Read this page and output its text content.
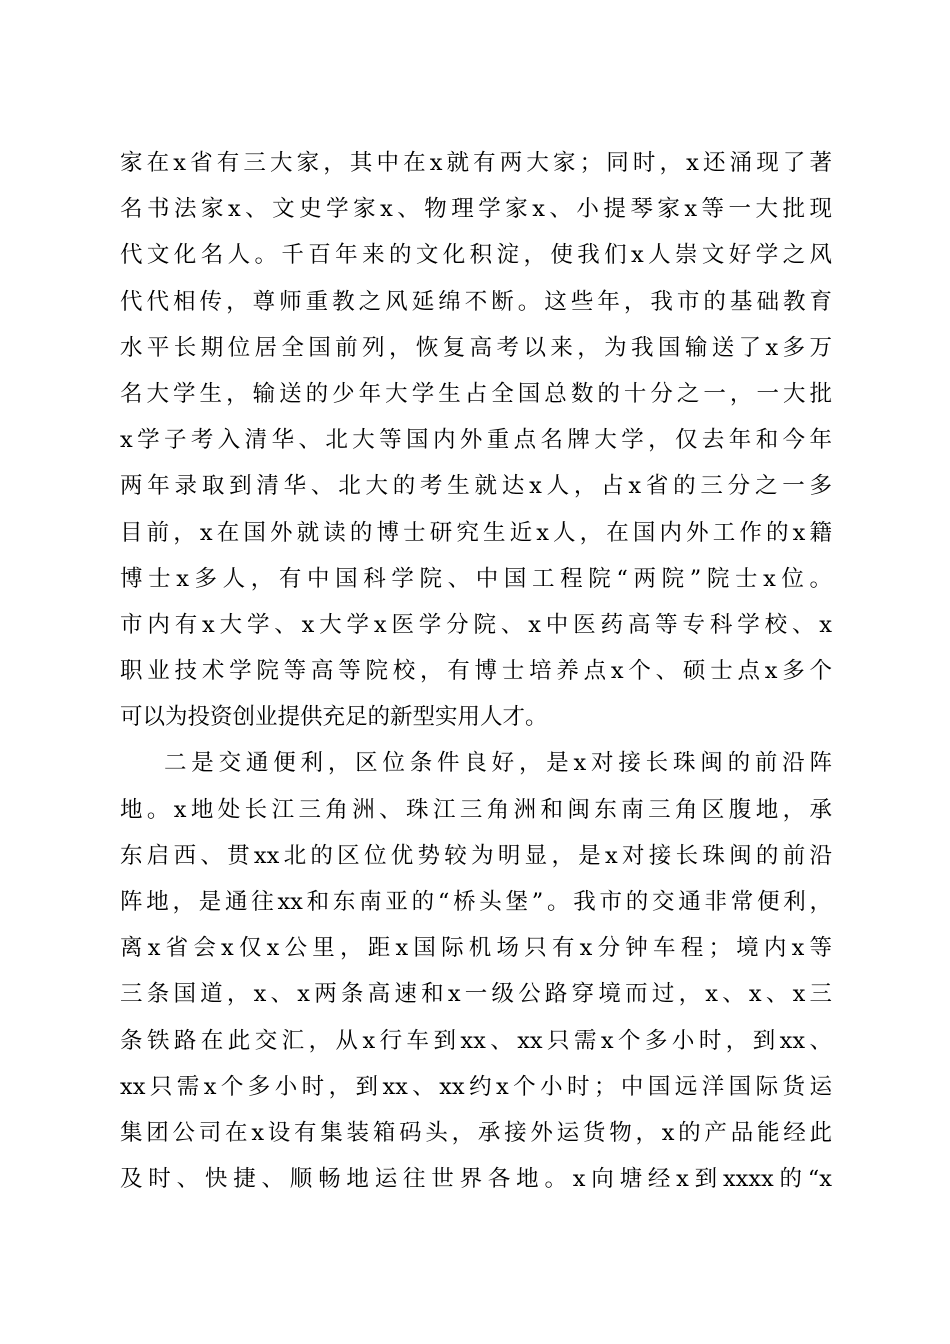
家在x省有三大家，其中在x就有两大家；同时，x还涌现了著
名书法家x、文史学家x、物理学家x、小提琴家x等一大批现
代文化名人。千百年来的文化积淀，使我们x人崇文好学之风
代代相传，尊师重教之风延绵不断。这些年，我市的基础教育
水平长期位居全国前列，恢复高考以来，为我国输送了x多万
名大学生，输送的少年大学生占全国总数的十分之一，一大批
x学子考入清华、北大等国内外重点名牌大学，仅去年和今年
两年录取到清华、北大的考生就达x人，占x省的三分之一多
目前，x在国外就读的博士研究生近x人，在国内外工作的x籍
博士x多人，有中国科学院、中国工程院“两院”院士x位。
市内有x大学、x大学x医学分院、x中医药高等专科学校、x
职业技术学院等高等院校，有博士培养点x个、硕士点x多个
可以为投资创业提供充足的新型实用人才。
二是交通便利，区位条件良好，是x对接长珠闽的前沿阵
地。x地处长江三角洲、珠江三角洲和闽东南三角区腹地，承
东启西、贯xx北的区位优势较为明显，是x对接长珠闽的前沿
阵地，是通往xx和东南亚的“桥头堡”。我市的交通非常便利，
离x省会x仅x公里，距x国际机场只有x分钟车程；境内x等
三条国道，x、x两条高速和x一级公路穿境而过，x、x、x三
条铁路在此交汇，从x行车到xx、xx只需x个多小时，到xx、
xx只需x个多小时，到xx、xx约x个小时；中国远洋国际货运
集团公司在x设有集装箱码头，承接外运货物，x的产品能经此
及时、快捷、顺畅地运往世界各地。x向塘经x到xxxx的“x
